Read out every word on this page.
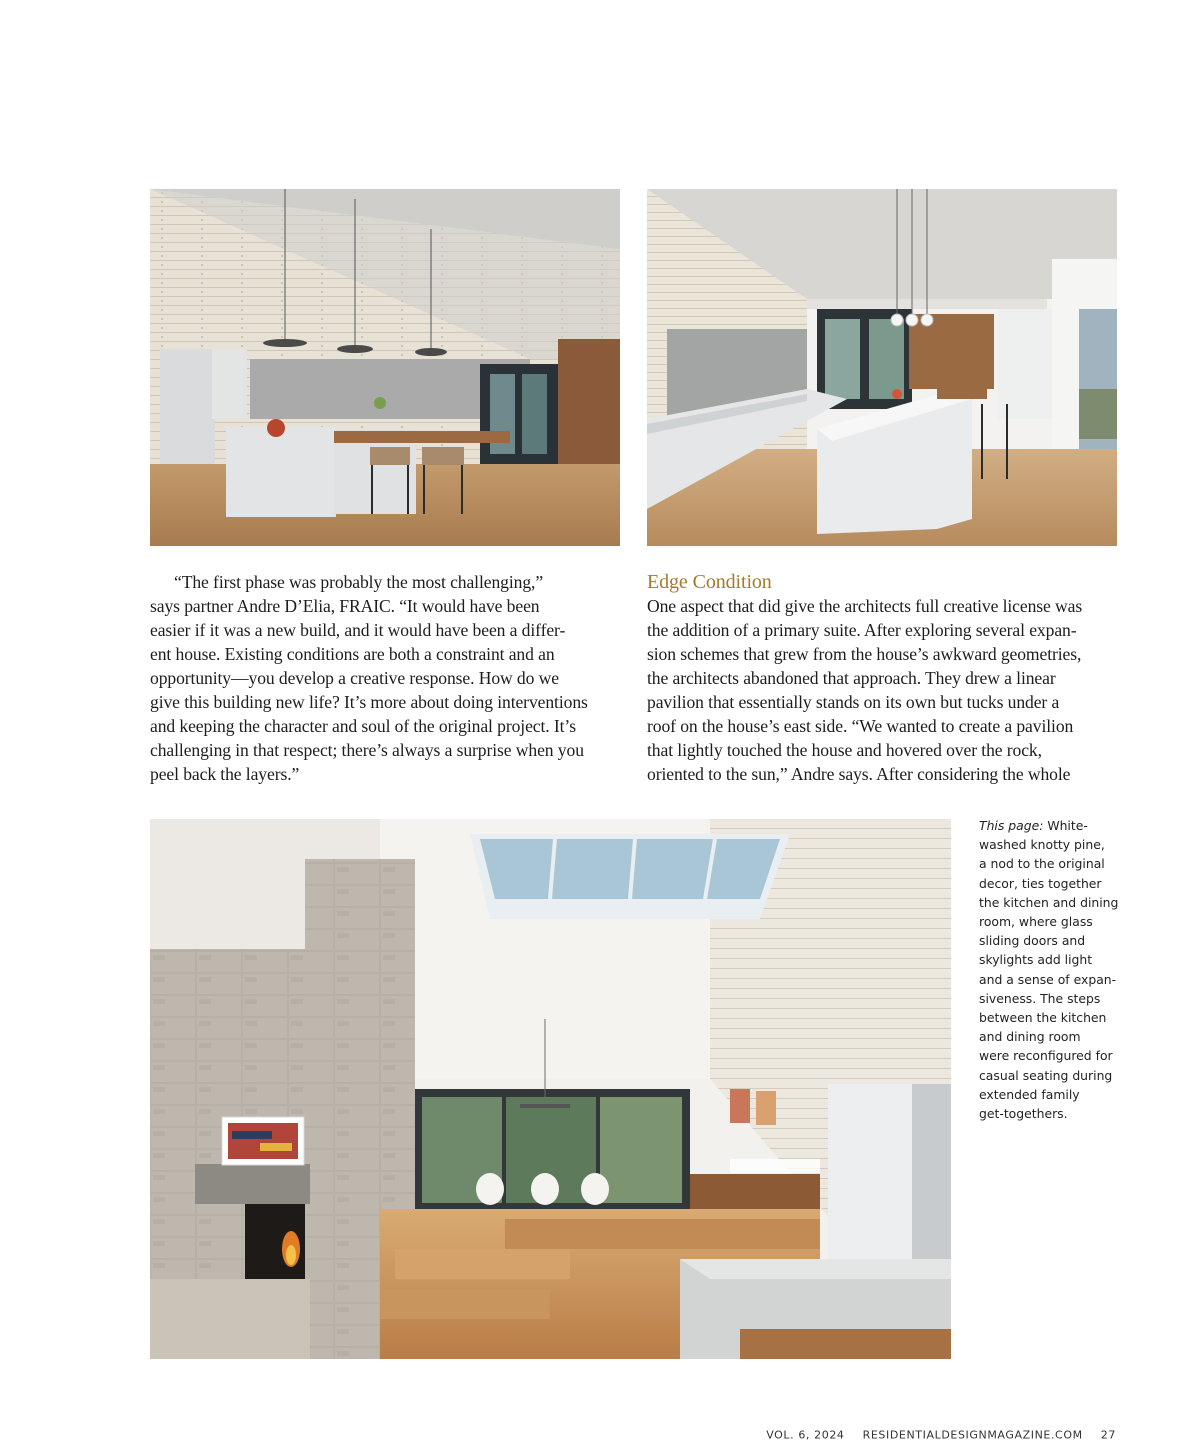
“The first phase was probably the most challenging,”
says partner Andre D’Elia, FRAIC. “It would have been
easier if it was a new build, and it would have been a differ-
ent house. Existing conditions are both a constraint and an
opportunity—you develop a creative response. How do we
give this building new life? It’s more about doing interventions
and keeping the character and soul of the original project. It’s
challenging in that respect; there’s always a surprise when you
peel back the layers.”
Edge Condition
One aspect that did give the architects full creative license was
the addition of a primary suite. After exploring several expan-
sion schemes that grew from the house’s awkward geometries,
the architects abandoned that approach. They drew a linear
pavilion that essentially stands on its own but tucks under a
roof on the house’s east side. “We wanted to create a pavilion
that lightly touched the house and hovered over the rock,
oriented to the sun,” Andre says. After considering the whole
This page: White-
washed knotty pine,
a nod to the original
decor, ties together
the kitchen and dining
room, where glass
sliding doors and
skylights add light
and a sense of expan-
siveness. The steps
between the kitchen
and dining room
were reconfigured for
casual seating during
extended family
get-togethers.
VOL. 6, 2024 RESIDENTIALDESIGNMAGAZINE.COM 27
